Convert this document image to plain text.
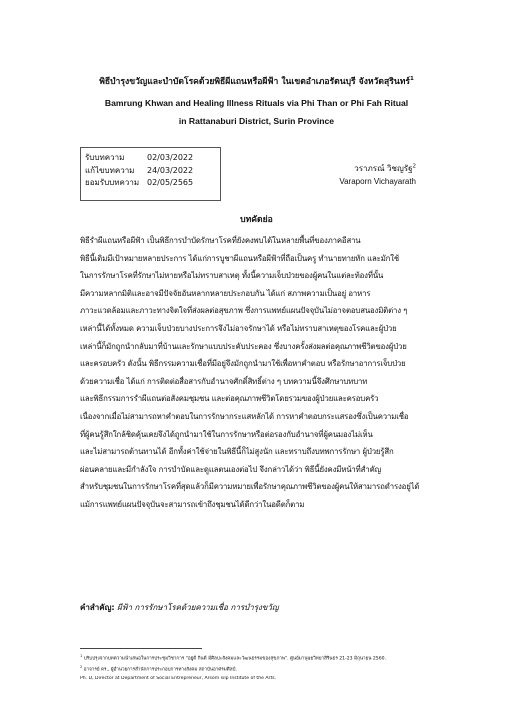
พิธีบำรุงขวัญและบำบัดโรคด้วยพิธีผีแถนหรือผีฟ้า ในเขตอำเภอรัตนบุรี จังหวัดสุรินทร์$^1$
Bamrung Khwan and Healing Illness Rituals via Phi Than or Phi Fah Ritual
in Rattanaburi District, Surin Province
รับบทความ	02/03/2022
แก้ไขบทความ	24/03/2022
ยอมรับบทความ 02/05/2565
วราภรณ์ วิชญรัฐ$^2$
Varaporn Vichayarath
บทคัดย่อ
พิธีรำผีแถนหรือผีฟ้า เป็นพิธีการบำบัดรักษาโรคที่ยังคงพบได้ในหลายพื้นที่ของภาคอีสาน
พิธีนี้เดิมมีเป้าหมายหลายประการ ได้แก่การบูชาผีแถนหรือผีฟ้าที่ถือเป็นครู ทำนายทายทัก และมักใช้
ในการรักษาโรคที่รักษาไม่หายหรือไม่ทราบสาเหตุ ทั้งนี้ความเจ็บป่วยของผู้คนในแต่ละท้องที่นั้น
มีความหลากมิติและอาจมีปัจจัยอันหลากหลายประกอบกัน ได้แก่ สภาพความเป็นอยู่ อาหาร
ภาวะแวดล้อมและภาวะทางจิตใจที่ส่งผลต่อสุขภาพ ซึ่งการแพทย์แผนปัจจุบันไม่อาจตอบสนองมิติต่าง ๆ
เหล่านี้ได้ทั้งหมด ความเจ็บป่วยบางประการจึงไม่อาจรักษาได้ หรือไม่ทราบสาเหตุของโรคและผู้ป่วย
เหล่านี้ก็มักถูกนำกลับมาที่บ้านและรักษาแบบประคับประคอง ซึ่งบางครั้งส่งผลต่อคุณภาพชีวิตของผู้ป่วย
และครอบครัว ดังนั้น พิธีกรรมความเชื่อที่มีอยู่จึงมักถูกนำมาใช้เพื่อหาคำตอบ หรือรักษาอาการเจ็บป่วย
ด้วยความเชื่อ ได้แก่ การติดต่อสื่อสารกับอำนาจศักดิ์สิทธิ์ต่าง ๆ บทความนี้จึงศึกษาบทบาท
และพิธีกรรมการรำผีแถนต่อสังคมชุมชน และต่อคุณภาพชีวิตโดยรวมของผู้ป่วยและครอบครัว
เนื่องจากเมื่อไม่สามารถหาคำตอบในการรักษากระแสหลักได้ การหาคำตอบกระแสรองซึ่งเป็นความเชื่อ
ที่ผู้คนรู้สึกใกล้ชิดคุ้นเคยจึงได้ถูกนำมาใช้ในการรักษาหรือต่อรองกับอำนาจที่ผู้คนมองไม่เห็น
และไม่สามารถต้านทานได้ อีกทั้งค่าใช้จ่ายในพิธีนี้ก็ไม่สูงนัก และทราบถึงบทพการรักษา ผู้ป่วยรู้สึก
ผ่อนคลายและมีกำลังใจ การบำบัดและดูแลตนเองต่อไป จึงกล่าวได้ว่า พิธีนี้ยังคงมีหน้าที่สำคัญ
สำหรับชุมชนในการรักษาโรคที่สุดแล้วก็มีความหมายเพื่อรักษาคุณภาพชีวิตของผู้คนให้สามารถดำรงอยู่ได้
แม้การแพทย์แผนปัจจุบันจะสามารถเข้าถึงชุมชนได้ดีกว่าในอดีตก็ตาม
คำสำคัญ: ผีฟ้า การรักษาโรคด้วยความเชื่อ การบำรุงขวัญ
$^1$ ปรับปรุงจากบทความนำเสนอในการประชุมวิชาการ "อยู่ดี กินดี มีศิลปะสังคมและวัฒนธรรมของสุขภาพ". ศูนย์มานุษยวิทยาสิรินธร 21-23 มิถุนายน 2560.
$^2$ อาจารย์ ดร., ผู้อำนวยการสำนักการประกอบการทางสังคม สถาบันอาศรมศิลป์.
Ph. D, Director at Department of Social Entrepreneur, Arsom silp Institute of the Arts.
